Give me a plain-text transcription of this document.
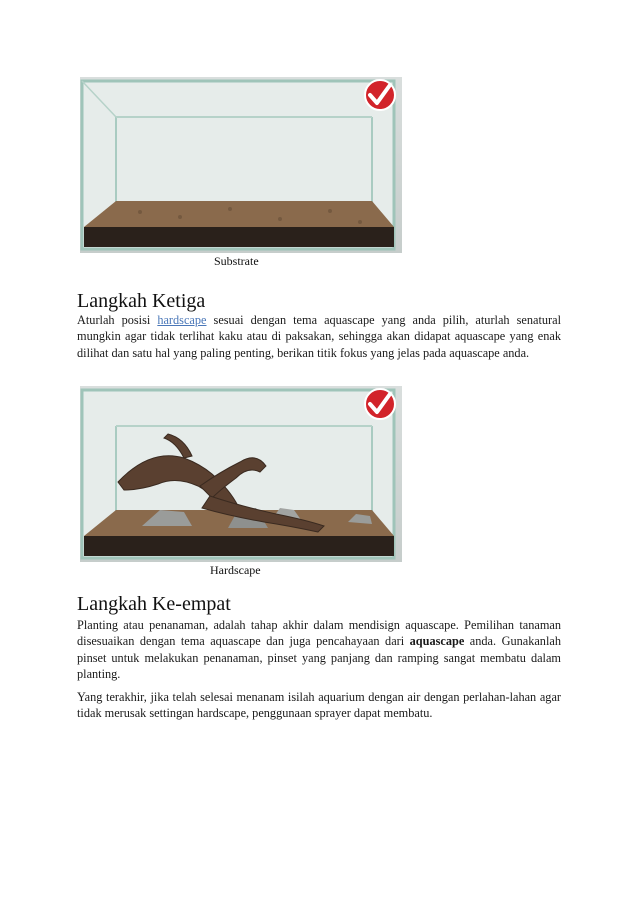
Substrate
Langkah Ketiga

Aturlah posisi hardscape sesuai dengan tema aquascape yang anda pilih, aturlah senatural mungkin agar tidak terlihat kaku atau di paksakan, sehingga akan didapat aquascape yang enak dilihat dan satu hal yang paling penting, berikan titik fokus yang jelas pada aquascape anda.

Hardscape
Langkah Ke-empat

Planting atau penanaman, adalah tahap akhir dalam mendisign aquascape. Pemilihan tanaman disesuaikan dengan tema aquascape dan juga pencahayaan dari aquascape anda. Gunakanlah pinset untuk melakukan penanaman, pinset yang panjang dan ramping sangat membatu dalam planting.

Yang terakhir, jika telah selesai menanam isilah aquarium dengan air dengan perlahan-lahan agar tidak merusak settingan hardscape, penggunaan sprayer dapat membatu.
